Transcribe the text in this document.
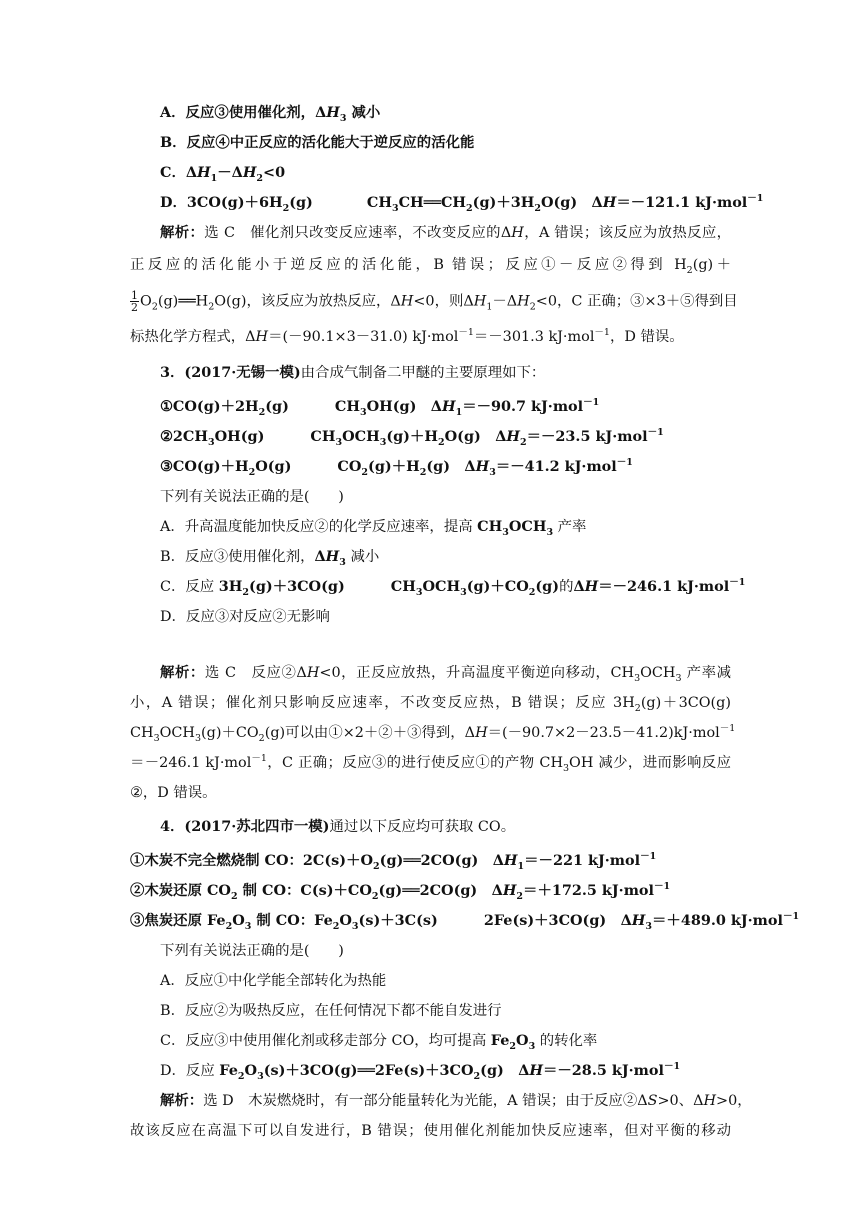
A．反应③使用催化剂，$\Delta H_3$ 减小
B．反应④中正反应的活化能大于逆反应的活化能
C．$\Delta H_1-\Delta H_2<0$
D．$3CO(g)+6H_2(g)$	$CH_3CH══CH_2(g)+3H_2O(g)$　ΔH＝－121.1 kJ·mol$^{-1}$
解析：选 C　催化剂只改变反应速率，不改变反应的ΔH，A 错误；该反应为放热反应，
正反应的活化能小于逆反应的活化能，B 错误；反应①－反应②得到 $H_2(g)+$
$\frac{1}{2}$ $O_2(g)══H_2O(g)$，该反应为放热反应，ΔH<0，则$\Delta H_1-\Delta H_2<0$，C 正确；③×3＋⑤得到目
标热化学方程式，ΔH＝(－90.1×3－31.0) kJ·mol$^{-1}$＝－301.3 kJ·mol$^{-1}$，D 错误。
3．(2017·无锡一模)由合成气制备二甲醚的主要原理如下：
$①CO(g)+2H_2(g)$	$CH_3OH(g)$　$\Delta H_1=-90.7$ kJ·mol$^{-1}$
$②2CH_3OH(g)$	$CH_3OCH_3(g)+H_2O(g)$　$\Delta H_2=-23.5$ kJ·mol$^{-1}$
$③CO(g)+H_2O(g)$	$CO_2(g)+H_2(g)$　$\Delta H_3=-41.2$ kJ·mol$^{-1}$
下列有关说法正确的是(　　)
A．升高温度能加快反应②的化学反应速率，提高 $CH_3OCH_3$ 产率
B．反应③使用催化剂，$\Delta H_3$ 减小
C．反应 $3H_2(g)+3CO(g)$	$CH_3OCH_3(g)+CO_2(g)$的ΔH＝－246.1 kJ·mol$^{-1}$
D．反应③对反应②无影响
解析：选 C　反应②ΔH<0，正反应放热，升高温度平衡逆向移动，$CH_3OCH_3$ 产率减
小，A 错误；催化剂只影响反应速率，不改变反应热，B 错误；反应 $3H_2(g)+3CO(g)$
$CH_3OCH_3(g)+CO_2(g)$可以由①×2＋②＋③得到，ΔH＝(－90.7×2－23.5－41.2)kJ·mol$^{-1}$
＝－246.1 kJ·mol$^{-1}$，C 正确；反应③的进行使反应①的产物 $CH_3OH$ 减少，进而影响反应
②，D 错误。
4．(2017·苏北四市一模)通过以下反应均可获取 CO。
①木炭不完全燃烧制 CO：$2C(s)+O_2(g)══2CO(g)$　$\Delta H_1=-221$ kJ·mol$^{-1}$
②木炭还原 $CO_2$ 制 CO：$C(s)+CO_2(g)══2CO(g)$　$\Delta H_2=+172.5$ kJ·mol$^{-1}$
③焦炭还原 $Fe_2O_3$ 制 CO：$Fe_2O_3(s)+3C(s)$	2Fe(s)＋3CO(g)　$\Delta H_3=+489.0$ kJ·mol$^{-1}$
下列有关说法正确的是(　　)
A．反应①中化学能全部转化为热能
B．反应②为吸热反应，在任何情况下都不能自发进行
C．反应③中使用催化剂或移走部分 CO，均可提高 $Fe_2O_3$ 的转化率
D．反应 $Fe_2O_3(s)+3CO(g)══2Fe(s)+3CO_2(g)$　ΔH＝－28.5 kJ·mol$^{-1}$
解析：选 D　木炭燃烧时，有一部分能量转化为光能，A 错误；由于反应②ΔS>0、ΔH>0，
故该反应在高温下可以自发进行，B 错误；使用催化剂能加快反应速率，但对平衡的移动
